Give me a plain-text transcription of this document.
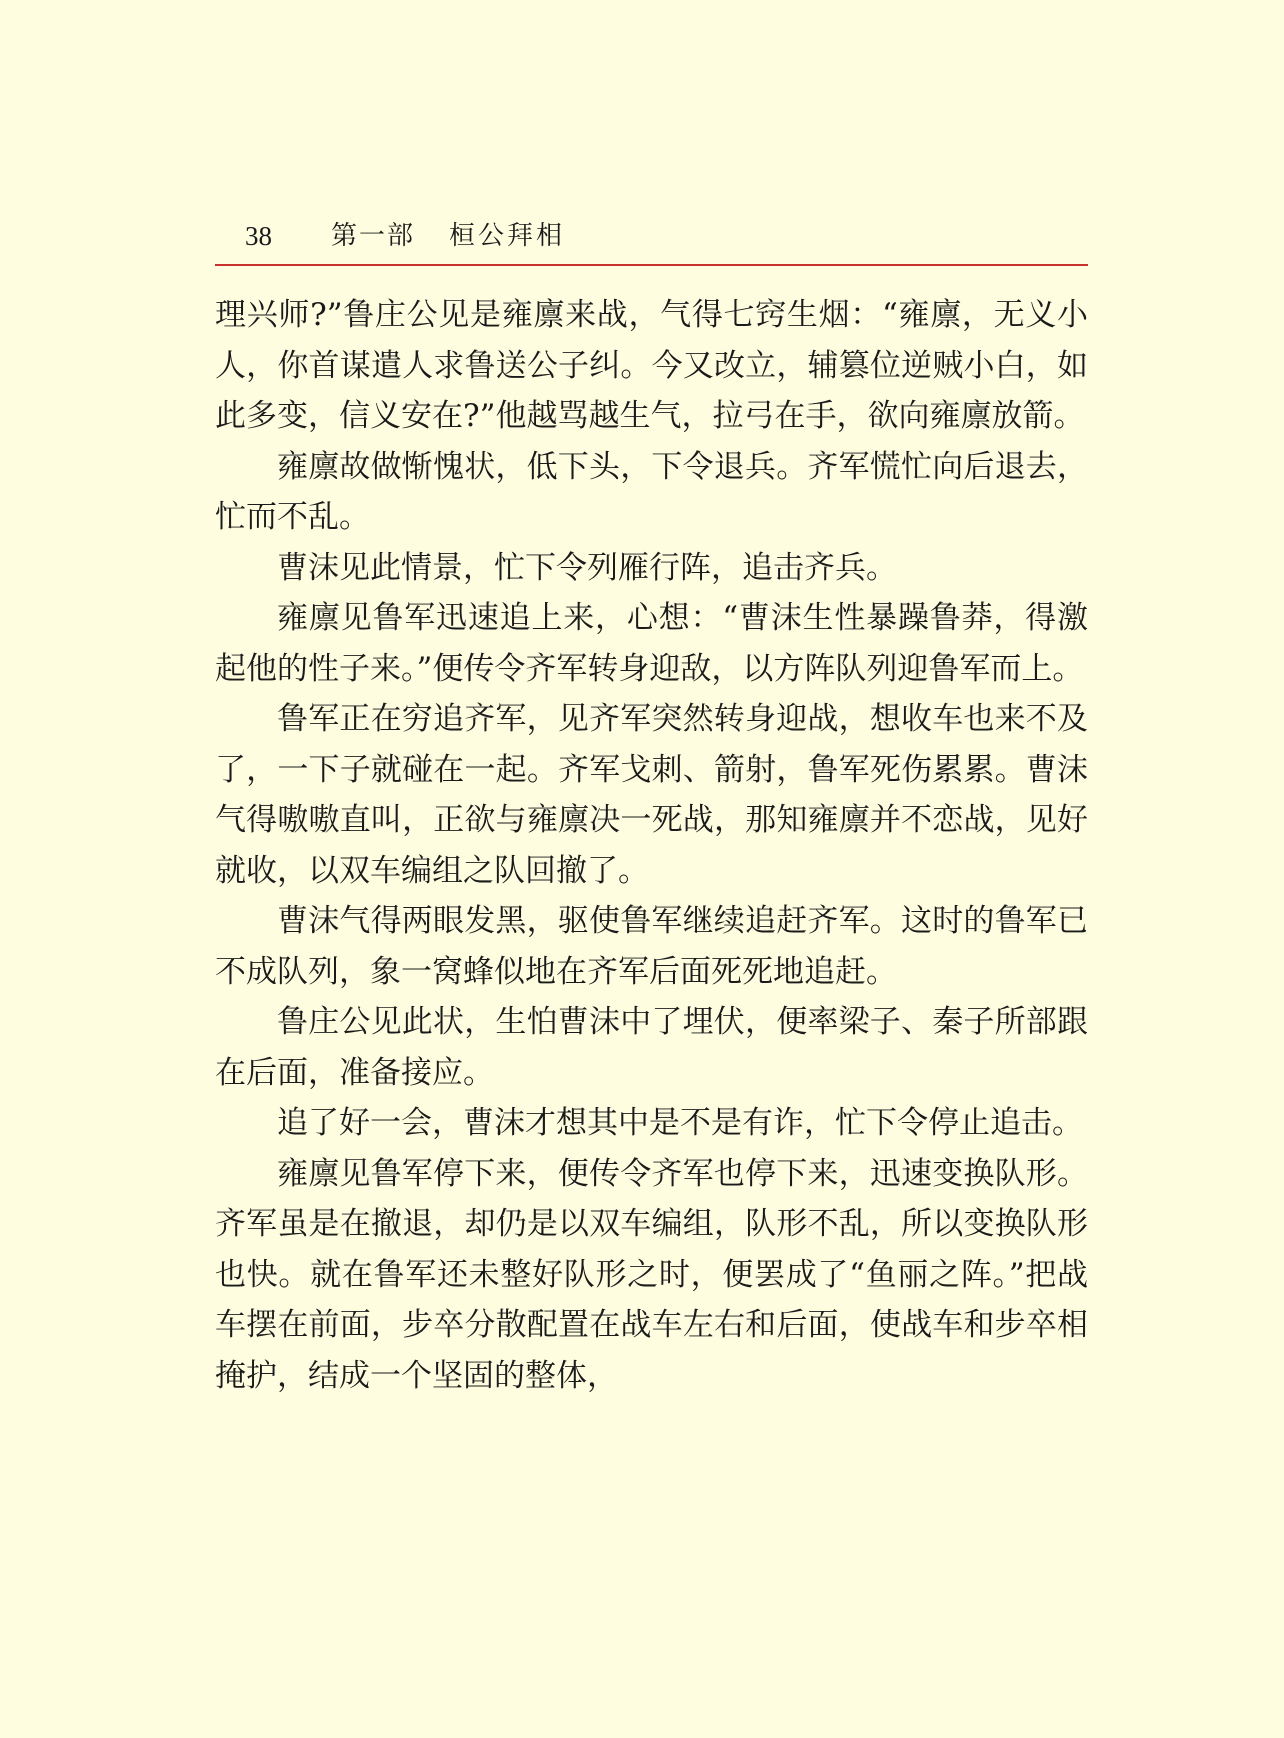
38 第一部 桓公拜相

理兴师?”鲁庄公见是雍廪来战，气得七窍生烟：“雍廪，无义小人，你首谋遣人求鲁送公子纠。今又改立，辅篡位逆贼小白，如此多变，信义安在?”他越骂越生气，拉弓在手，欲向雍廪放箭。

雍廪故做惭愧状，低下头，下令退兵。齐军慌忙向后退去，忙而不乱。

曹沫见此情景，忙下令列雁行阵，追击齐兵。

雍廪见鲁军迅速追上来，心想：“曹沫生性暴躁鲁莽，得激起他的性子来。”便传令齐军转身迎敌，以方阵队列迎鲁军而上。

鲁军正在穷追齐军，见齐军突然转身迎战，想收车也来不及了，一下子就碰在一起。齐军戈刺、箭射，鲁军死伤累累。曹沫气得嗷嗷直叫，正欲与雍廪决一死战，那知雍廪并不恋战，见好就收，以双车编组之队回撤了。

曹沫气得两眼发黑，驱使鲁军继续追赶齐军。这时的鲁军已不成队列，象一窝蜂似地在齐军后面死死地追赶。

鲁庄公见此状，生怕曹沫中了埋伏，便率梁子、秦子所部跟在后面，准备接应。

追了好一会，曹沫才想其中是不是有诈，忙下令停止追击。

雍廪见鲁军停下来，便传令齐军也停下来，迅速变换队形。齐军虽是在撤退，却仍是以双车编组，队形不乱，所以变换队形也快。就在鲁军还未整好队形之时，便罢成了“鱼丽之阵。”把战车摆在前面，步卒分散配置在战车左右和后面，使战车和步卒相掩护，结成一个坚固的整体，
